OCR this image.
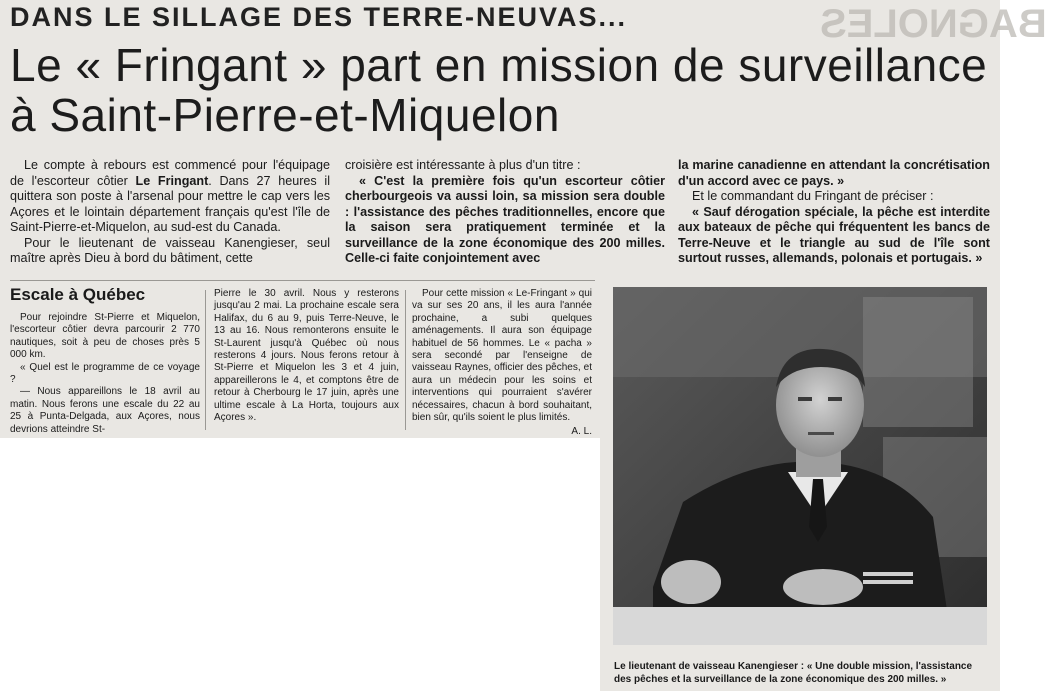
BAGNOLES
DANS LE SILLAGE DES TERRE-NEUVAS...
Le « Fringant » part en mission de surveillance
à Saint-Pierre-et-Miquelon

Le compte à rebours est commencé pour l'équipage de l'escorteur côtier Le Fringant. Dans 27 heures il quittera son poste à l'arsenal pour mettre le cap vers les Açores et le lointain département français qu'est l'île de Saint-Pierre-et-Miquelon, au sud-est du Canada.

Pour le lieutenant de vaisseau Kanengieser, seul maître après Dieu à bord du bâtiment, cette

croisière est intéressante à plus d'un titre :

« C'est la première fois qu'un escorteur côtier cherbourgeois va aussi loin, sa mission sera double : l'assistance des pêches traditionnelles, encore que la saison sera pratiquement terminée et la surveillance de la zone économique des 200 milles. Celle-ci faite conjointement avec

la marine canadienne en attendant la concrétisation d'un accord avec ce pays. »

Et le commandant du Fringant de préciser :

« Sauf dérogation spéciale, la pêche est interdite aux bateaux de pêche qui fréquentent les bancs de Terre-Neuve et le triangle au sud de l'île sont surtout russes, allemands, polonais et portugais. »

Escale à Québec

Pour rejoindre St-Pierre et Miquelon, l'escorteur côtier devra parcourir 2 770 nautiques, soit à peu de choses près 5 000 km.

« Quel est le programme de ce voyage ?

— Nous appareillons le 18 avril au matin. Nous ferons une escale du 22 au 25 à Punta-Delgada, aux Açores, nous devrions atteindre St-

Pierre le 30 avril. Nous y resterons jusqu'au 2 mai. La prochaine escale sera Halifax, du 6 au 9, puis Terre-Neuve, le 13 au 16. Nous remonterons ensuite le St-Laurent jusqu'à Québec où nous resterons 4 jours. Nous ferons retour à St-Pierre et Miquelon les 3 et 4 juin, appareillerons le 4, et comptons être de retour à Cherbourg le 17 juin, après une ultime escale à La Horta, toujours aux Açores ».

Pour cette mission « Le-Fringant » qui va sur ses 20 ans, il les aura l'année prochaine, a subi quelques aménagements. Il aura son équipage habituel de 56 hommes. Le « pacha » sera secondé par l'enseigne de vaisseau Raynes, officier des pêches, et aura un médecin pour les soins et interventions qui pourraient s'avérer nécessaires, chacun à bord souhaitant, bien sûr, qu'ils soient le plus limités.

A. L.
Le lieutenant de vaisseau Kanengieser : « Une double mission, l'assistance des pêches et la surveillance de la zone économique des 200 milles. »
